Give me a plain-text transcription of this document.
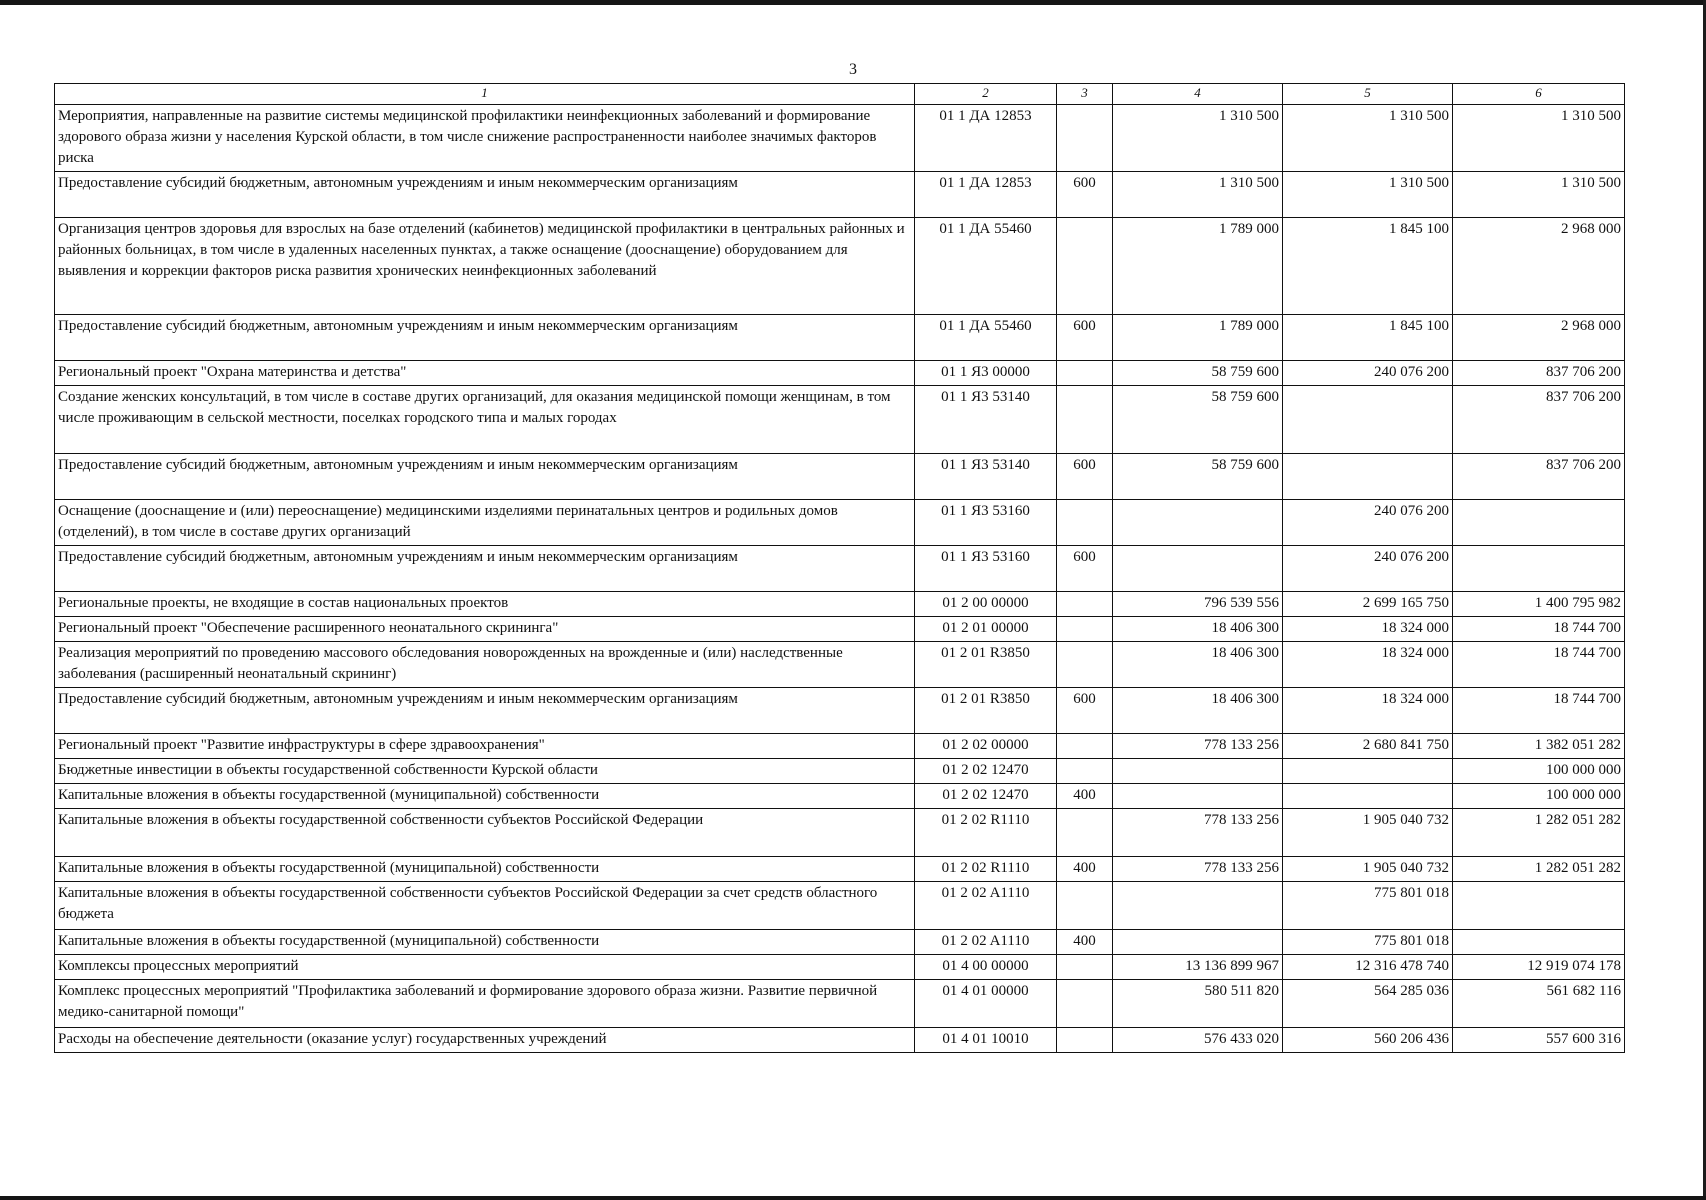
3
1	2	3	4	5	6
Мероприятия, направленные на развитие системы медицинской профилактики неинфекционных заболеваний и формирование здорового образа жизни у населения Курской области, в том числе снижение распространенности наиболее значимых факторов риска	01 1 ДА 12853		1 310 500	1 310 500	1 310 500
Предоставление субсидий бюджетным, автономным учреждениям и иным некоммерческим организациям	01 1 ДА 12853	600	1 310 500	1 310 500	1 310 500
Организация центров здоровья для взрослых на базе отделений (кабинетов) медицинской профилактики в центральных районных и районных больницах, в том числе в удаленных населенных пунктах, а также оснащение (дооснащение) оборудованием для выявления и коррекции факторов риска развития хронических неинфекционных заболеваний	01 1 ДА 55460		1 789 000	1 845 100	2 968 000
Предоставление субсидий бюджетным, автономным учреждениям и иным некоммерческим организациям	01 1 ДА 55460	600	1 789 000	1 845 100	2 968 000
Региональный проект "Охрана материнства и детства"	01 1 Я3 00000		58 759 600	240 076 200	837 706 200
Создание женских консультаций, в том числе в составе других организаций, для оказания медицинской помощи женщинам, в том числе проживающим в сельской местности, поселках городского типа и малых городах	01 1 Я3 53140		58 759 600		837 706 200
Предоставление субсидий бюджетным, автономным учреждениям и иным некоммерческим организациям	01 1 Я3 53140	600	58 759 600		837 706 200
Оснащение (дооснащение и (или) переоснащение) медицинскими изделиями перинатальных центров и родильных домов (отделений), в том числе в составе других организаций	01 1 Я3 53160			240 076 200	
Предоставление субсидий бюджетным, автономным учреждениям и иным некоммерческим организациям	01 1 Я3 53160	600		240 076 200	
Региональные проекты, не входящие в состав национальных проектов	01 2 00 00000		796 539 556	2 699 165 750	1 400 795 982
Региональный проект "Обеспечение расширенного неонатального скрининга"	01 2 01 00000		18 406 300	18 324 000	18 744 700
Реализация мероприятий по проведению массового обследования новорожденных на врожденные и (или) наследственные заболевания (расширенный неонатальный скрининг)	01 2 01 R3850		18 406 300	18 324 000	18 744 700
Предоставление субсидий бюджетным, автономным учреждениям и иным некоммерческим организациям	01 2 01 R3850	600	18 406 300	18 324 000	18 744 700
Региональный проект "Развитие инфраструктуры в сфере здравоохранения"	01 2 02 00000		778 133 256	2 680 841 750	1 382 051 282
Бюджетные инвестиции в объекты государственной собственности Курской области	01 2 02 12470				100 000 000
Капитальные вложения в объекты государственной (муниципальной) собственности	01 2 02 12470	400			100 000 000
Капитальные вложения в объекты государственной собственности субъектов Российской Федерации	01 2 02 R1110		778 133 256	1 905 040 732	1 282 051 282
Капитальные вложения в объекты государственной (муниципальной) собственности	01 2 02 R1110	400	778 133 256	1 905 040 732	1 282 051 282
Капитальные вложения в объекты государственной собственности субъектов Российской Федерации за счет средств областного бюджета	01 2 02 A1110			775 801 018	
Капитальные вложения в объекты государственной (муниципальной) собственности	01 2 02 A1110	400		775 801 018	
Комплексы процессных мероприятий	01 4 00 00000		13 136 899 967	12 316 478 740	12 919 074 178
Комплекс процессных мероприятий "Профилактика заболеваний и формирование здорового образа жизни. Развитие первичной медико-санитарной помощи"	01 4 01 00000		580 511 820	564 285 036	561 682 116
Расходы на обеспечение деятельности (оказание услуг) государственных учреждений	01 4 01 10010		576 433 020	560 206 436	557 600 316
